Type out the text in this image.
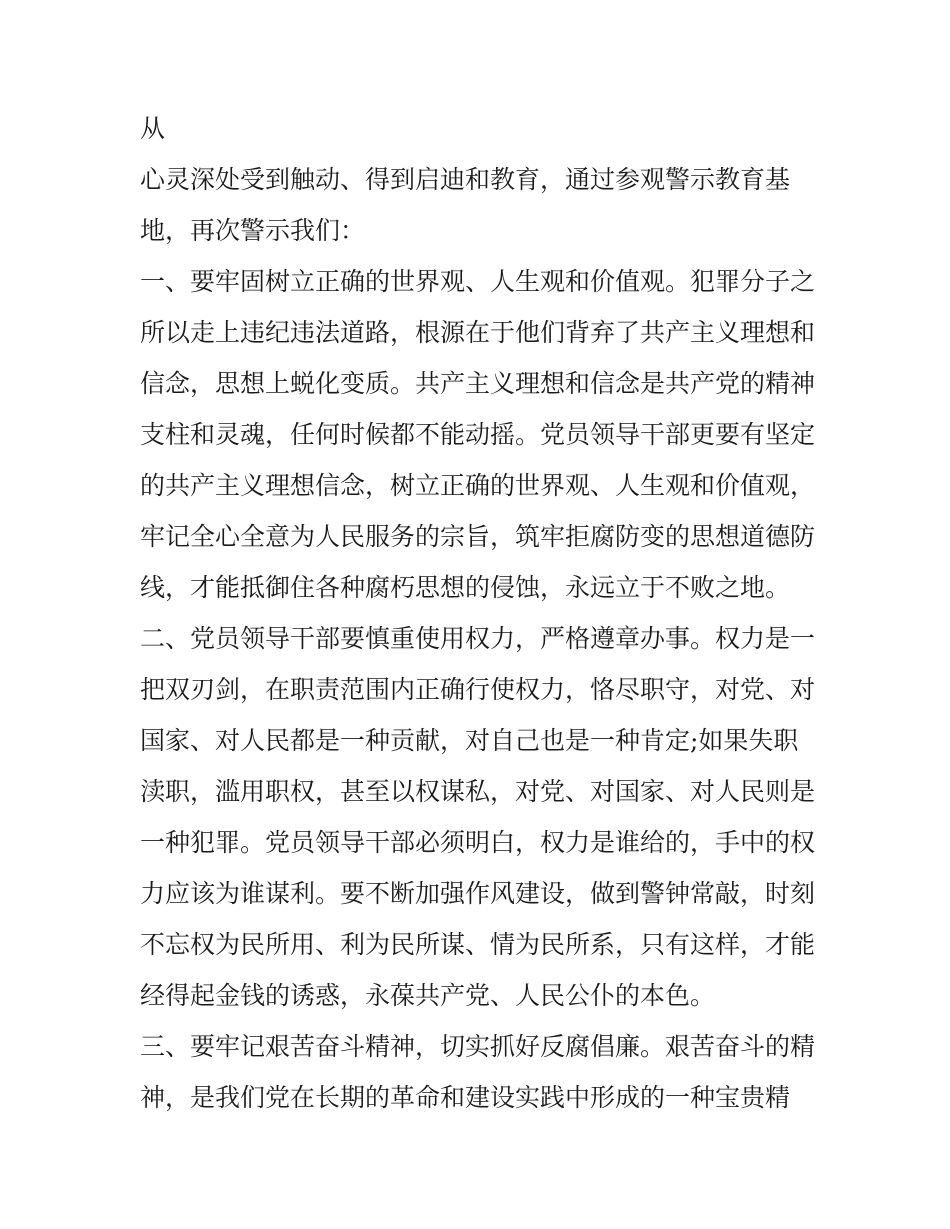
从
心灵深处受到触动、得到启迪和教育，通过参观警示教育基
地，再次警示我们：
一、要牢固树立正确的世界观、人生观和价值观。犯罪分子之
所以走上违纪违法道路，根源在于他们背弃了共产主义理想和
信念，思想上蜕化变质。共产主义理想和信念是共产党的精神
支柱和灵魂，任何时候都不能动摇。党员领导干部更要有坚定
的共产主义理想信念，树立正确的世界观、人生观和价值观，
牢记全心全意为人民服务的宗旨，筑牢拒腐防变的思想道德防
线，才能抵御住各种腐朽思想的侵蚀，永远立于不败之地。
二、党员领导干部要慎重使用权力，严格遵章办事。权力是一
把双刃剑，在职责范围内正确行使权力，恪尽职守，对党、对
国家、对人民都是一种贡献，对自己也是一种肯定;如果失职
渎职，滥用职权，甚至以权谋私，对党、对国家、对人民则是
一种犯罪。党员领导干部必须明白，权力是谁给的，手中的权
力应该为谁谋利。要不断加强作风建设，做到警钟常敲，时刻
不忘权为民所用、利为民所谋、情为民所系，只有这样，才能
经得起金钱的诱惑，永葆共产党、人民公仆的本色。
三、要牢记艰苦奋斗精神，切实抓好反腐倡廉。艰苦奋斗的精
神，是我们党在长期的革命和建设实践中形成的一种宝贵精
